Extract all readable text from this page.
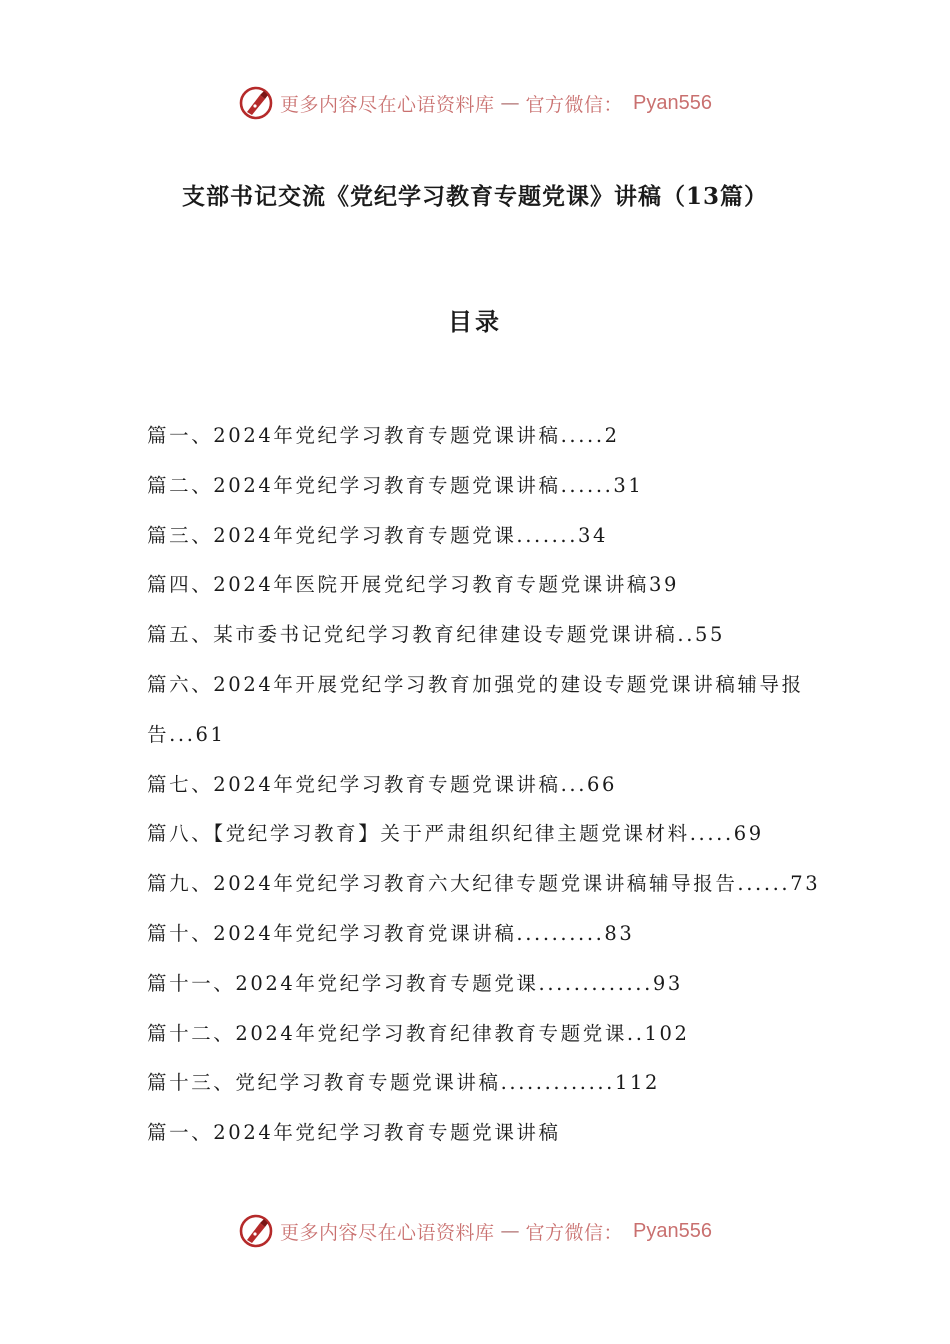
更多内容尽在心语资料库 — 官方微信： Pyan556
支部书记交流《党纪学习教育专题党课》讲稿（13篇）
目录
篇一、2024年党纪学习教育专题党课讲稿.....2
篇二、2024年党纪学习教育专题党课讲稿......31
篇三、2024年党纪学习教育专题党课.......34
篇四、2024年医院开展党纪学习教育专题党课讲稿39
篇五、某市委书记党纪学习教育纪律建设专题党课讲稿..55
篇六、2024年开展党纪学习教育加强党的建设专题党课讲稿辅导报
告...61
篇七、2024年党纪学习教育专题党课讲稿...66
篇八、【党纪学习教育】关于严肃组织纪律主题党课材料.....69
篇九、2024年党纪学习教育六大纪律专题党课讲稿辅导报告......73
篇十、2024年党纪学习教育党课讲稿..........83
篇十一、2024年党纪学习教育专题党课.............93
篇十二、2024年党纪学习教育纪律教育专题党课..102
篇十三、党纪学习教育专题党课讲稿.............112
篇一、2024年党纪学习教育专题党课讲稿
更多内容尽在心语资料库 — 官方微信： Pyan556
